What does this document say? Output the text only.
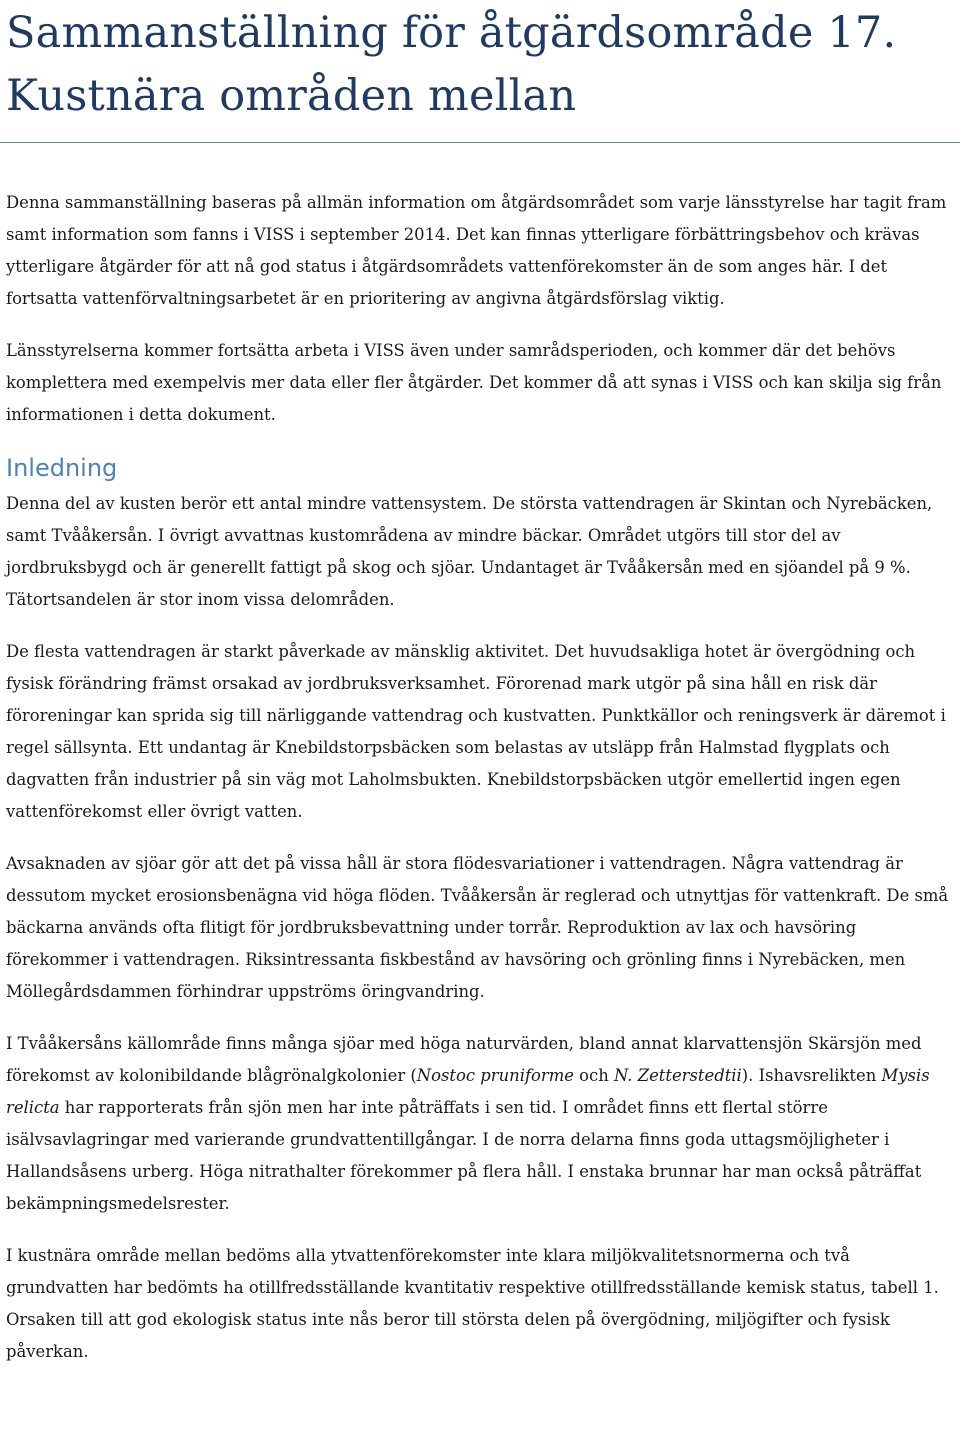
Sammanställning för åtgärdsområde 17. Kustnära områden mellan

Denna sammanställning baseras på allmän information om åtgärdsområdet som varje länsstyrelse har tagit fram samt information som fanns i VISS i september 2014. Det kan finnas ytterligare förbättringsbehov och krävas ytterligare åtgärder för att nå god status i åtgärdsområdets vattenförekomster än de som anges här. I det fortsatta vattenförvaltningsarbetet är en prioritering av angivna åtgärdsförslag viktig.

Länsstyrelserna kommer fortsätta arbeta i VISS även under samrådsperioden, och kommer där det behövs komplettera med exempelvis mer data eller fler åtgärder. Det kommer då att synas i VISS och kan skilja sig från informationen i detta dokument.

Inledning

Denna del av kusten berör ett antal mindre vattensystem. De största vattendragen är Skintan och Nyrebäcken, samt Tvååkersån. I övrigt avvattnas kustområdena av mindre bäckar. Området utgörs till stor del av jordbruksbygd och är generellt fattigt på skog och sjöar. Undantaget är Tvååkersån med en sjöandel på 9 %. Tätortsandelen är stor inom vissa delområden.

De flesta vattendragen är starkt påverkade av mänsklig aktivitet. Det huvudsakliga hotet är övergödning och fysisk förändring främst orsakad av jordbruksverksamhet. Förorenad mark utgör på sina håll en risk där föroreningar kan sprida sig till närliggande vattendrag och kustvatten. Punktkällor och reningsverk är däremot i regel sällsynta. Ett undantag är Knebildstorpsbäcken som belastas av utsläpp från Halmstad flygplats och dagvatten från industrier på sin väg mot Laholmsbukten. Knebildstorpsbäcken utgör emellertid ingen egen vattenförekomst eller övrigt vatten.

Avsaknaden av sjöar gör att det på vissa håll är stora flödesvariationer i vattendragen. Några vattendrag är dessutom mycket erosionsbenägna vid höga flöden. Tvååkersån är reglerad och utnyttjas för vattenkraft. De små bäckarna används ofta flitigt för jordbruksbevattning under torrår. Reproduktion av lax och havsöring förekommer i vattendragen. Riksintressanta fiskbestånd av havsöring och grönling finns i Nyrebäcken, men Möllegårdsdammen förhindrar uppströms öringvandring.

I Tvååkersåns källområde finns många sjöar med höga naturvärden, bland annat klarvattensjön Skärsjön med förekomst av kolonibildande blågrönalgkolonier (Nostoc pruniforme och N. Zetterstedtii). Ishavsrelikten Mysis relicta har rapporterats från sjön men har inte påträffats i sen tid. I området finns ett flertal större isälvsavlagringar med varierande grundvattentillgångar. I de norra delarna finns goda uttagsmöjligheter i Hallandsåsens urberg. Höga nitrathalter förekommer på flera håll. I enstaka brunnar har man också påträffat bekämpningsmedelsrester.

I kustnära område mellan bedöms alla ytvattenförekomster inte klara miljökvalitetsnormerna och två grundvatten har bedömts ha otillfredsställande kvantitativ respektive otillfredsställande kemisk status, tabell 1. Orsaken till att god ekologisk status inte nås beror till största delen på övergödning, miljögifter och fysisk påverkan.
